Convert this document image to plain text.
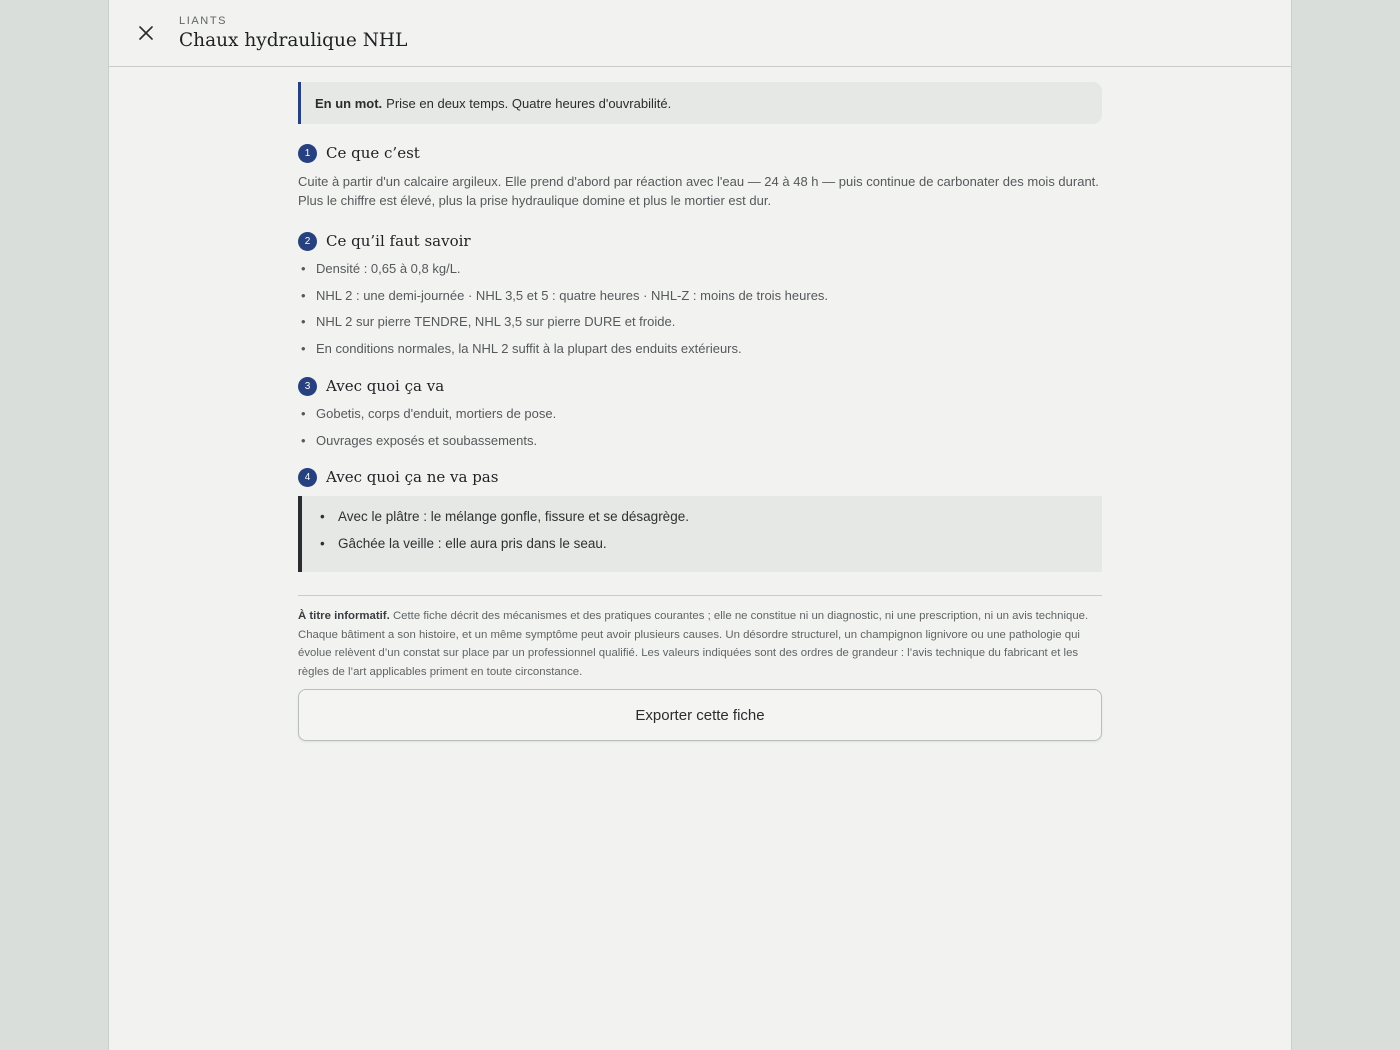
LIANTS
Chaux hydraulique NHL
En un mot. Prise en deux temps. Quatre heures d'ouvrabilité.
1	Ce que c’est

Cuite à partir d'un calcaire argileux. Elle prend d'abord par réaction avec l'eau — 24 à 48 h — puis continue de carbonater des mois durant. Plus le chiffre est élevé, plus la prise hydraulique domine et plus le mortier est dur.

2	Ce qu’il faut savoir
• Densité : 0,65 à 0,8 kg/L.
• NHL 2 : une demi-journée · NHL 3,5 et 5 : quatre heures · NHL-Z : moins de trois heures.
• NHL 2 sur pierre TENDRE, NHL 3,5 sur pierre DURE et froide.
• En conditions normales, la NHL 2 suffit à la plupart des enduits extérieurs.
3	Avec quoi ça va
• Gobetis, corps d'enduit, mortiers de pose.
• Ouvrages exposés et soubassements.
4	Avec quoi ça ne va pas
• Avec le plâtre : le mélange gonfle, fissure et se désagrège.
• Gâchée la veille : elle aura pris dans le seau.

À titre informatif. Cette fiche décrit des mécanismes et des pratiques courantes ; elle ne constitue ni un diagnostic, ni une prescription, ni un avis technique. Chaque bâtiment a son histoire, et un même symptôme peut avoir plusieurs causes. Un désordre structurel, un champignon lignivore ou une pathologie qui évolue relèvent d’un constat sur place par un professionnel qualifié. Les valeurs indiquées sont des ordres de grandeur : l’avis technique du fabricant et les règles de l’art applicables priment en toute circonstance.

Exporter cette fiche
